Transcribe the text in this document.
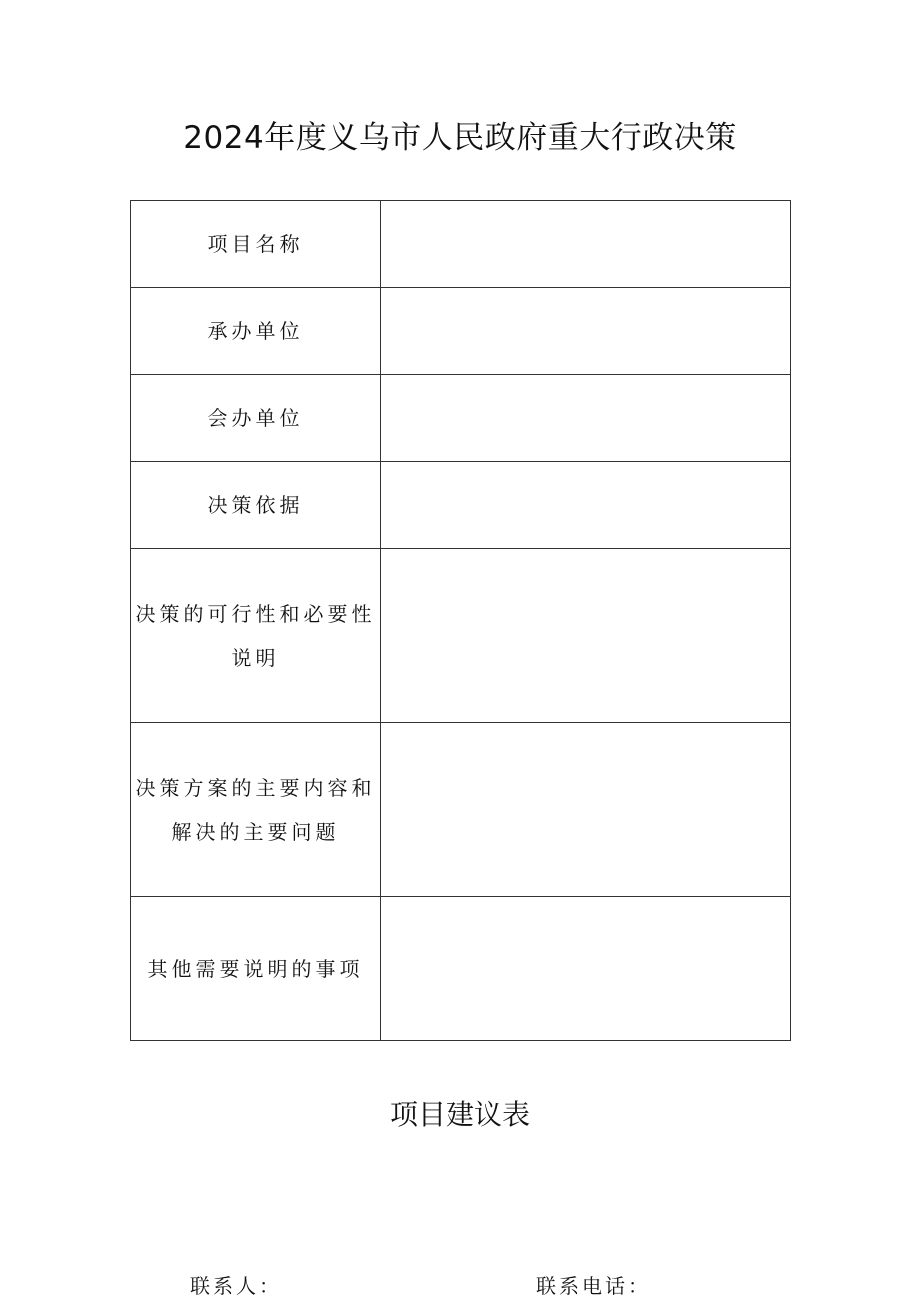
2024年度义乌市人民政府重大行政决策
项目名称	
承办单位	
会办单位	
决策依据	

决策的可行性和必要性
说明	

决策方案的主要内容和
解决的主要问题	

其他需要说明的事项	
项目建议表
联系人：	联系电话：
